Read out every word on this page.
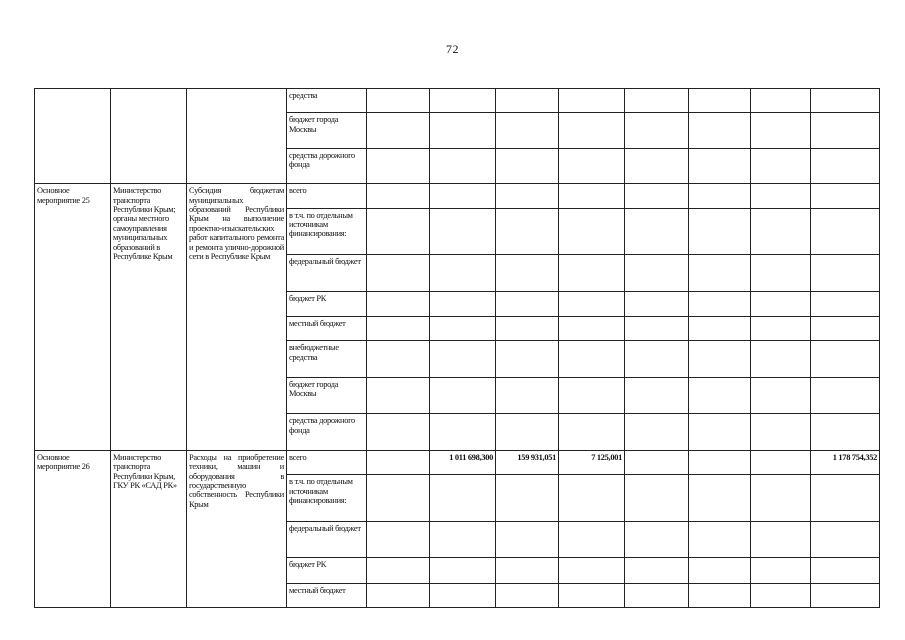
72
			средства								
			бюджет города Москвы								
			средства дорожного фонда								
Основное мероприятие 25	Министерство транспорта Республики Крым; органы местного самоуправления муниципальных образований в Республике Крым	Субсидия бюджетам муниципальных образований Республики Крым на выполнение проектно-изыскательских работ капитального ремонта и ремонта улично-дорожной сети в Республике Крым	всего								
			в т.ч. по отдельным источникам финансирования:								
			федеральный бюджет								
			бюджет РК								
			местный бюджет								
			внебюджетные средства								
			бюджет города Москвы								
			средства дорожного фонда								
Основное мероприятие 26	Министерство транспорта Республики Крым, ГКУ РК «САД РК»	Расходы на приобретение техники, машин и оборудования в государственную собственность Республики Крым	всего		1 011 698,300	159 931,051	7 125,001				1 178 754,352
			в т.ч. по отдельным источникам финансирования:								
			федеральный бюджет								
			бюджет РК								
			местный бюджет								
